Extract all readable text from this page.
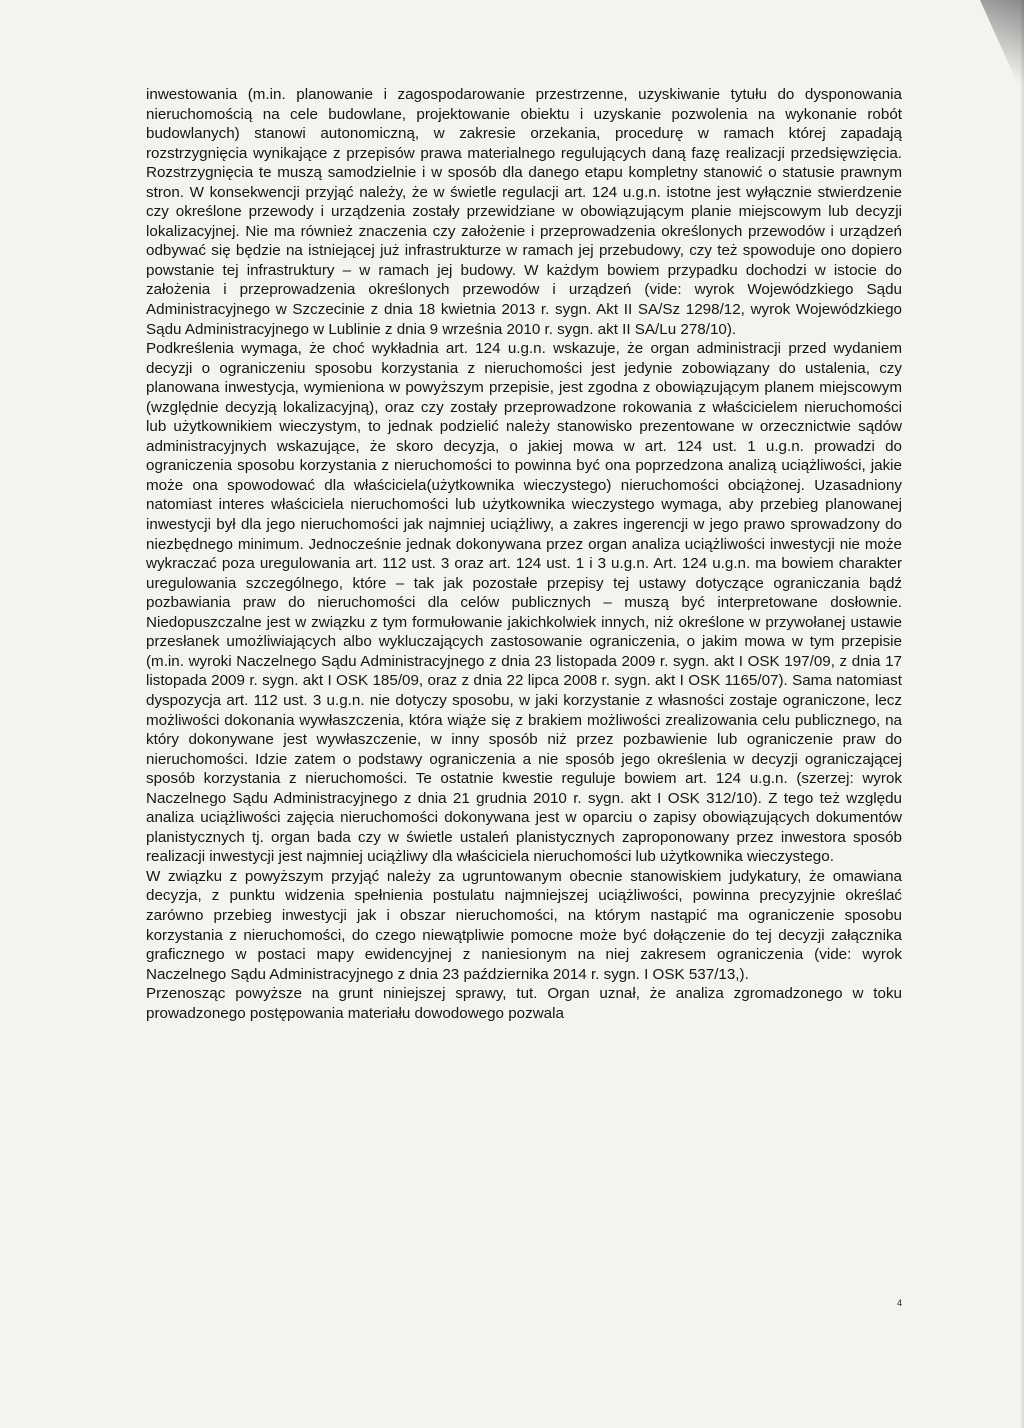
inwestowania (m.in. planowanie i zagospodarowanie przestrzenne, uzyskiwanie tytułu do dysponowania nieruchomością na cele budowlane, projektowanie obiektu i uzyskanie pozwolenia na wykonanie robót budowlanych) stanowi autonomiczną, w zakresie orzekania, procedurę w ramach której zapadają rozstrzygnięcia wynikające z przepisów prawa materialnego regulujących daną fazę realizacji przedsięwzięcia. Rozstrzygnięcia te muszą samodzielnie i w sposób dla danego etapu kompletny stanowić o statusie prawnym stron. W konsekwencji przyjąć należy, że w świetle regulacji art. 124 u.g.n. istotne jest wyłącznie stwierdzenie czy określone przewody i urządzenia zostały przewidziane w obowiązującym planie miejscowym lub decyzji lokalizacyjnej. Nie ma również znaczenia czy założenie i przeprowadzenia określonych przewodów i urządzeń odbywać się będzie na istniejącej już infrastrukturze w ramach jej przebudowy, czy też spowoduje ono dopiero powstanie tej infrastruktury – w ramach jej budowy. W każdym bowiem przypadku dochodzi w istocie do założenia i przeprowadzenia określonych przewodów i urządzeń (vide: wyrok Wojewódzkiego Sądu Administracyjnego w Szczecinie z dnia 18 kwietnia 2013 r. sygn. Akt II SA/Sz 1298/12, wyrok Wojewódzkiego Sądu Administracyjnego w Lublinie z dnia 9 września 2010 r. sygn. akt II SA/Lu 278/10).

Podkreślenia wymaga, że choć wykładnia art. 124 u.g.n. wskazuje, że organ administracji przed wydaniem decyzji o ograniczeniu sposobu korzystania z nieruchomości jest jedynie zobowiązany do ustalenia, czy planowana inwestycja, wymieniona w powyższym przepisie, jest zgodna z obowiązującym planem miejscowym (względnie decyzją lokalizacyjną), oraz czy zostały przeprowadzone rokowania z właścicielem nieruchomości lub użytkownikiem wieczystym, to jednak podzielić należy stanowisko prezentowane w orzecznictwie sądów administracyjnych wskazujące, że skoro decyzja, o jakiej mowa w art. 124 ust. 1 u.g.n. prowadzi do ograniczenia sposobu korzystania z nieruchomości to powinna być ona poprzedzona analizą uciążliwości, jakie może ona spowodować dla właściciela(użytkownika wieczystego) nieruchomości obciążonej. Uzasadniony natomiast interes właściciela nieruchomości lub użytkownika wieczystego wymaga, aby przebieg planowanej inwestycji był dla jego nieruchomości jak najmniej uciążliwy, a zakres ingerencji w jego prawo sprowadzony do niezbędnego minimum. Jednocześnie jednak dokonywana przez organ analiza uciążliwości inwestycji nie może wykraczać poza uregulowania art. 112 ust. 3 oraz art. 124 ust. 1 i 3 u.g.n. Art. 124 u.g.n. ma bowiem charakter uregulowania szczególnego, które – tak jak pozostałe przepisy tej ustawy dotyczące ograniczania bądź pozbawiania praw do nieruchomości dla celów publicznych – muszą być interpretowane dosłownie. Niedopuszczalne jest w związku z tym formułowanie jakichkolwiek innych, niż określone w przywołanej ustawie przesłanek umożliwiających albo wykluczających zastosowanie ograniczenia, o jakim mowa w tym przepisie (m.in. wyroki Naczelnego Sądu Administracyjnego z dnia 23 listopada 2009 r. sygn. akt I OSK 197/09, z dnia 17 listopada 2009 r. sygn. akt I OSK 185/09, oraz z dnia 22 lipca 2008 r. sygn. akt I OSK 1165/07). Sama natomiast dyspozycja art. 112 ust. 3 u.g.n. nie dotyczy sposobu, w jaki korzystanie z własności zostaje ograniczone, lecz możliwości dokonania wywłaszczenia, która wiąże się z brakiem możliwości zrealizowania celu publicznego, na który dokonywane jest wywłaszczenie, w inny sposób niż przez pozbawienie lub ograniczenie praw do nieruchomości. Idzie zatem o podstawy ograniczenia a nie sposób jego określenia w decyzji ograniczającej sposób korzystania z nieruchomości. Te ostatnie kwestie reguluje bowiem art. 124 u.g.n. (szerzej: wyrok Naczelnego Sądu Administracyjnego z dnia 21 grudnia 2010 r. sygn. akt I OSK 312/10). Z tego też względu analiza uciążliwości zajęcia nieruchomości dokonywana jest w oparciu o zapisy obowiązujących dokumentów planistycznych tj. organ bada czy w świetle ustaleń planistycznych zaproponowany przez inwestora sposób realizacji inwestycji jest najmniej uciążliwy dla właściciela nieruchomości lub użytkownika wieczystego.

W związku z powyższym przyjąć należy za ugruntowanym obecnie stanowiskiem judykatury, że omawiana decyzja, z punktu widzenia spełnienia postulatu najmniejszej uciążliwości, powinna precyzyjnie określać zarówno przebieg inwestycji jak i obszar nieruchomości, na którym nastąpić ma ograniczenie sposobu korzystania z nieruchomości, do czego niewątpliwie pomocne może być dołączenie do tej decyzji załącznika graficznego w postaci mapy ewidencyjnej z naniesionym na niej zakresem ograniczenia (vide: wyrok Naczelnego Sądu Administracyjnego z dnia 23 października 2014 r. sygn. I OSK 537/13,).

Przenosząc powyższe na grunt niniejszej sprawy, tut. Organ uznał, że analiza zgromadzonego w toku prowadzonego postępowania materiału dowodowego pozwala

4
